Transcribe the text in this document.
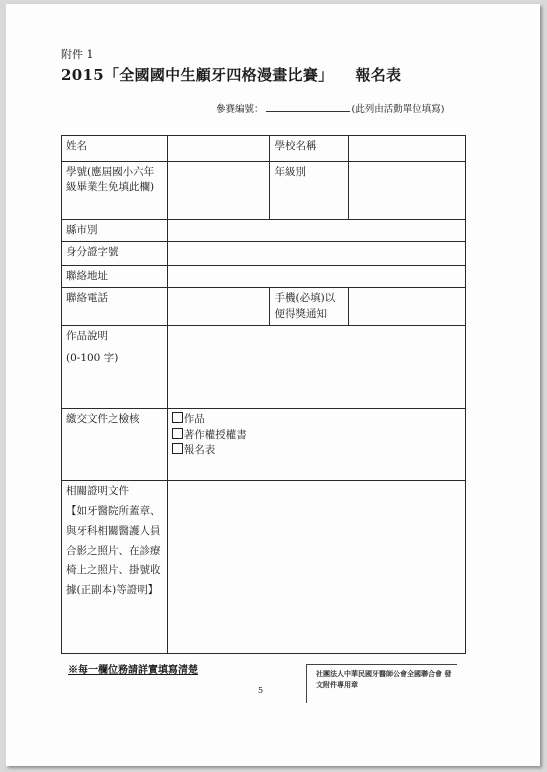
附件 1
2015「全國國中生顧牙四格漫畫比賽」 報名表
參賽編號：	(此列由活動單位填寫)
姓名		學校名稱	
學號(應屆國小六年級畢業生免填此欄)		年級別	
縣市別			
身分證字號			
聯絡地址			
聯絡電話		手機(必填)以便得獎通知	

作品說明
(0-100 字)			

繳交文件之檢核	作品
著作權授權書
報名表		

相關證明文件
【如牙醫院所蓋章、與牙科相關醫護人員合影之照片、在診療椅上之照片、掛號收據(正副本)等證明】			

※每一欄位務請詳實填寫清楚
5
社團法人中華民國牙醫師公會全國聯合會 發文附件專用章
